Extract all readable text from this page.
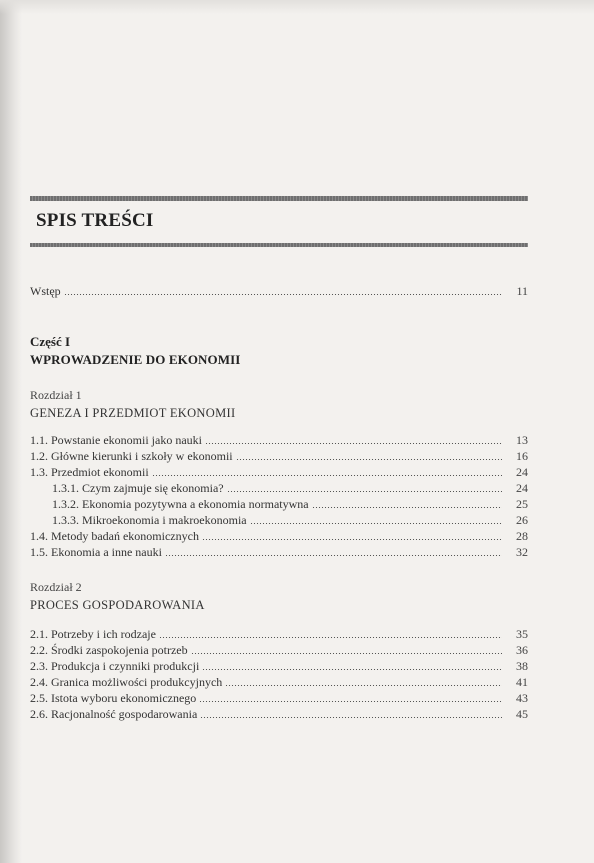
SPIS TREŚCI
Wstęp	11
Część I
WPROWADZENIE DO EKONOMII
Rozdział 1
GENEZA I PRZEDMIOT EKONOMII
1.1. Powstanie ekonomii jako nauki	13
1.2. Główne kierunki i szkoły w ekonomii	16
1.3. Przedmiot ekonomii	24
1.3.1. Czym zajmuje się ekonomia?	24
1.3.2. Ekonomia pozytywna a ekonomia normatywna	25
1.3.3. Mikroekonomia i makroekonomia	26
1.4. Metody badań ekonomicznych	28
1.5. Ekonomia a inne nauki	32
Rozdział 2
PROCES GOSPODAROWANIA
2.1. Potrzeby i ich rodzaje	35
2.2. Środki zaspokojenia potrzeb	36
2.3. Produkcja i czynniki produkcji	38
2.4. Granica możliwości produkcyjnych	41
2.5. Istota wyboru ekonomicznego	43
2.6. Racjonalność gospodarowania	45
